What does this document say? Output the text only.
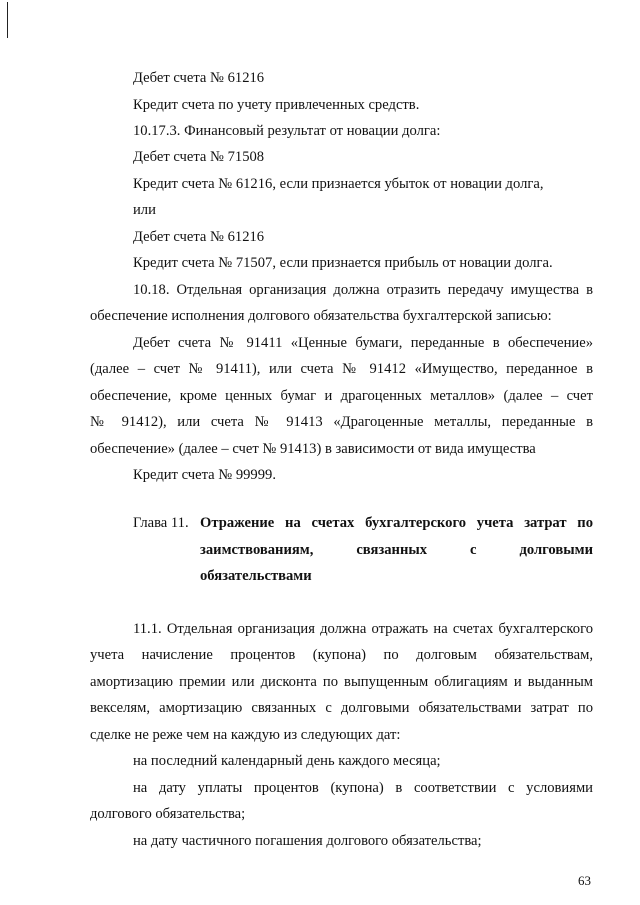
Дебет счета № 61216
Кредит счета по учету привлеченных средств.
10.17.3. Финансовый результат от новации долга:
Дебет счета № 71508
Кредит счета № 61216, если признается убыток от новации долга,
или
Дебет счета № 61216
Кредит счета № 71507, если признается прибыль от новации долга.
10.18. Отдельная организация должна отразить передачу имущества в
обеспечение исполнения долгового обязательства бухгалтерской записью:
Дебет счета № 91411 «Ценные бумаги, переданные в обеспечение»
(далее – счет № 91411), или счета № 91412 «Имущество, переданное в
обеспечение, кроме ценных бумаг и драгоценных металлов» (далее – счет
№ 91412), или счета № 91413 «Драгоценные металлы, переданные в
обеспечение» (далее – счет № 91413) в зависимости от вида имущества
Кредит счета № 99999.
Глава 11. Отражение на счетах бухгалтерского учета затрат по
заимствованиям, связанных с долговыми
обязательствами
11.1. Отдельная организация должна отражать на счетах бухгалтерского
учета начисление процентов (купона) по долговым обязательствам,
амортизацию премии или дисконта по выпущенным облигациям и выданным
векселям, амортизацию связанных с долговыми обязательствами затрат по
сделке не реже чем на каждую из следующих дат:
на последний календарный день каждого месяца;
на дату уплаты процентов (купона) в соответствии с условиями
долгового обязательства;
на дату частичного погашения долгового обязательства;
63
